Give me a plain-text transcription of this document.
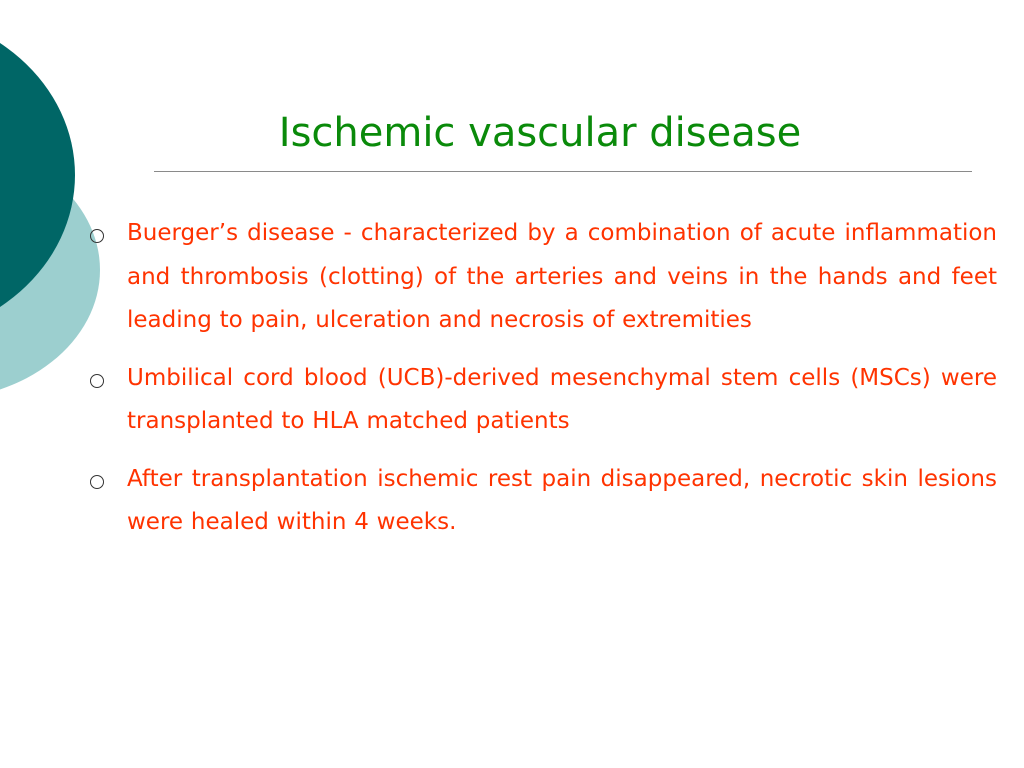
Ischemic vascular disease
Buerger’s disease - characterized by a combination of acute inflammation and thrombosis (clotting) of the arteries and veins in the hands and feet leading to pain, ulceration and necrosis of extremities
Umbilical cord blood (UCB)-derived mesenchymal stem cells (MSCs) were transplanted to HLA matched patients
After transplantation ischemic rest pain disappeared, necrotic skin lesions were healed within 4 weeks.
